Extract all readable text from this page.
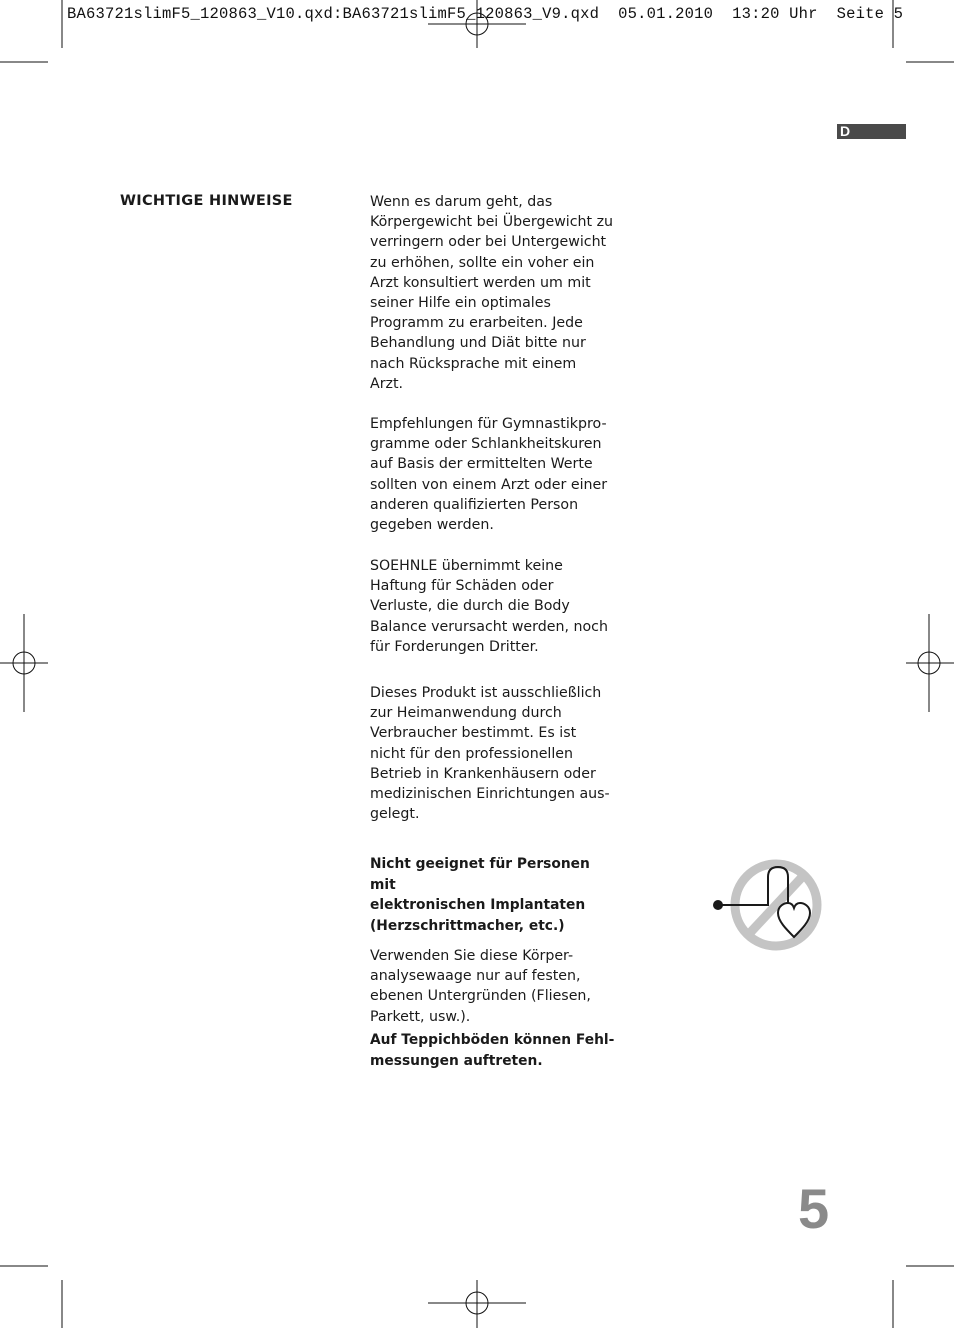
BA63721slimF5_120863_V10.qxd:BA63721slimF5_120863_V9.qxd  05.01.2010  13:20 Uhr  Seite 5
D
WICHTIGE HINWEISE	Wenn es darum geht, das
Körpergewicht bei Übergewicht zu
verringern oder bei Untergewicht
zu erhöhen, sollte ein voher ein
Arzt konsultiert werden um mit
seiner Hilfe ein optimales
Programm zu erarbeiten. Jede
Behandlung und Diät bitte nur
nach Rücksprache mit einem
Arzt.

Empfehlungen für Gymnastikpro-
gramme oder Schlankheitskuren
auf Basis der ermittelten Werte
sollten von einem Arzt oder einer
anderen qualifizierten Person
gegeben werden.

SOEHNLE übernimmt keine
Haftung für Schäden oder
Verluste, die durch die Body
Balance verursacht werden, noch
für Forderungen Dritter.

Dieses Produkt ist ausschließlich
zur Heimanwendung durch
Verbraucher bestimmt. Es ist
nicht für den professionellen
Betrieb in Krankenhäusern oder
medizinischen Einrichtungen aus-
gelegt.

Nicht geeignet für Personen mit
elektronischen Implantaten
(Herzschrittmacher, etc.)

Verwenden Sie diese Körper-
analysewaage nur auf festen,
ebenen Untergründen (Fliesen,
Parkett, usw.).

Auf Teppichböden können Fehl-
messungen auftreten.

5
